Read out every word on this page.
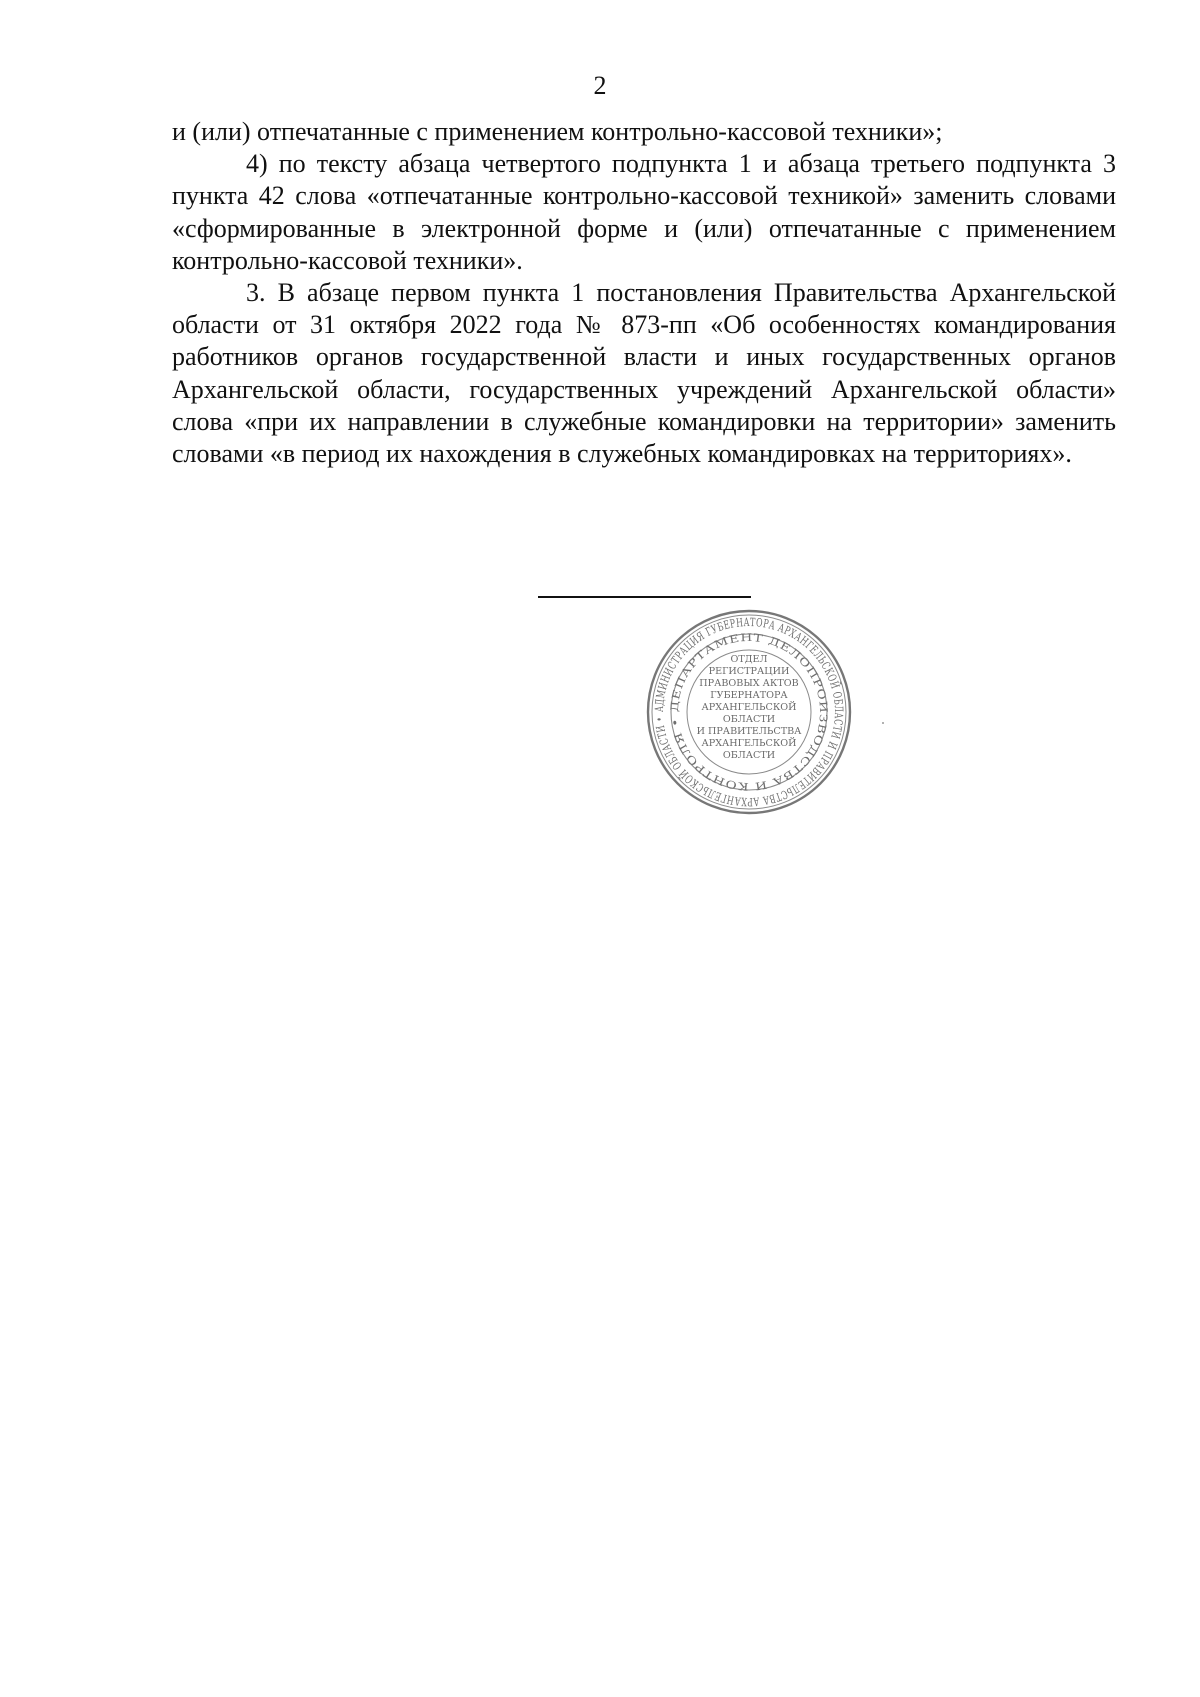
2

и (или) отпечатанные с применением контрольно-кассовой техники»;

4) по тексту абзаца четвертого подпункта 1 и абзаца третьего подпункта 3 пункта 42 слова «отпечатанные контрольно-кассовой техникой» заменить словами «сформированные в электронной форме и (или) отпечатанные с применением контрольно-кассовой техники».

3. В абзаце первом пункта 1 постановления Правительства Архангельской области от 31 октября 2022 года № 873-пп «Об особенностях командирования работников органов государственной власти и иных государственных органов Архангельской области, государственных учреждений Архангельской области» слова «при их направлении в служебные командировки на территории» заменить словами «в период их нахождения в служебных командировках на территориях».

АДМИНИСТРАЦИЯ ГУБЕРНАТОРА АРХАНГЕЛЬСКОЙ ОБЛАСТИ И ПРАВИТЕЛЬСТВА АРХАНГЕЛЬСКОЙ ОБЛАСТИ •
ДЕПАРТАМЕНТ ДЕЛОПРОИЗВОДСТВА И КОНТРОЛЯ •
ОТДЕЛ
РЕГИСТРАЦИИ
ПРАВОВЫХ АКТОВ
ГУБЕРНАТОРА
АРХАНГЕЛЬСКОЙ
ОБЛАСТИ
И ПРАВИТЕЛЬСТВА
АРХАНГЕЛЬСКОЙ
ОБЛАСТИ
